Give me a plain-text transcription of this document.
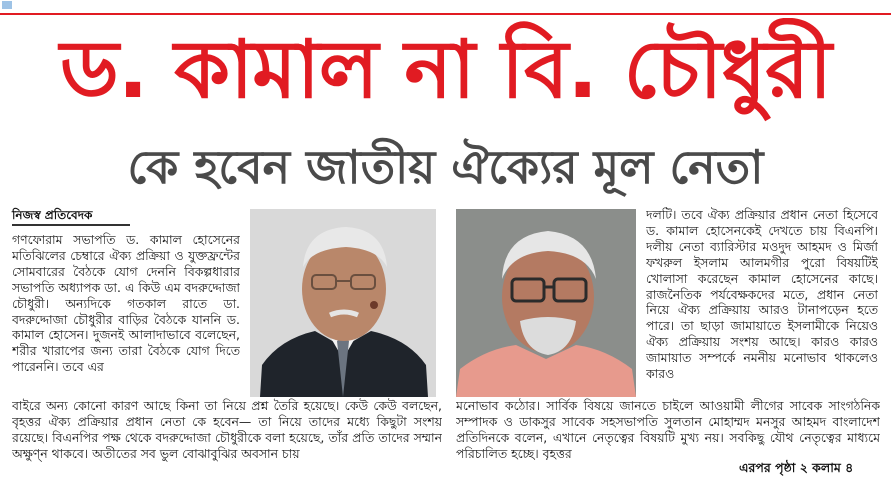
ড. কামাল না বি. চৌধুরী
কে হবেন জাতীয় ঐক্যের মূল নেতা
নিজস্ব প্রতিবেদক

গণফোরাম সভাপতি ড. কামাল হোসেনের মতিঝিলের চেম্বারে ঐক্য প্রক্রিয়া ও যুক্তফ্রন্টের সোমবারের বৈঠকে যোগ দেননি বিকল্পধারার সভাপতি অধ্যাপক ডা. এ কিউ এম বদরুদ্দোজা চৌধুরী। অন্যদিকে গতকাল রাতে ডা. বদরুদ্দোজা চৌধুরীর বাড়ির বৈঠকে যাননি ড. কামাল হোসেন। দুজনই আলাদাভাবে বলেছেন, শরীর খারাপের জন্য তারা বৈঠকে যোগ দিতে পারেননি। তবে এর

দলটি। তবে ঐক্য প্রক্রিয়ার প্রধান নেতা হিসেবে ড. কামাল হোসেনকেই দেখতে চায় বিএনপি। দলীয় নেতা ব্যারিস্টার মওদুদ আহমদ ও মির্জা ফখরুল ইসলাম আলমগীর পুরো বিষয়টিই খোলাসা করেছেন কামাল হোসেনের কাছে। রাজনৈতিক পর্যবেক্ষকদের মতে, প্রধান নেতা নিয়ে ঐক্য প্রক্রিয়ায় আরও টানাপড়েন হতে পারে। তা ছাড়া জামায়াতে ইসলামীকে নিয়েও ঐক্য প্রক্রিয়ায় সংশয় আছে। কারও কারও জামায়াত সম্পর্কে নমনীয় মনোভাব থাকলেও কারও

বাইরে অন্য কোনো কারণ আছে কিনা তা নিয়ে প্রশ্ন তৈরি হয়েছে। কেউ কেউ বলছেন, বৃহত্তর ঐক্য প্রক্রিয়ার প্রধান নেতা কে হবেন— তা নিয়ে তাদের মধ্যে কিছুটা সংশয় রয়েছে। বিএনপির পক্ষ থেকে বদরুদ্দোজা চৌধুরীকে বলা হয়েছে, তাঁর প্রতি তাদের সম্মান অক্ষুণ্ন থাকবে। অতীতের সব ভুল বোঝাবুঝির অবসান চায়

মনোভাব কঠোর। সার্বিক বিষয়ে জানতে চাইলে আওয়ামী লীগের সাবেক সাংগঠনিক সম্পাদক ও ডাকসুর সাবেক সহসভাপতি সুলতান মোহাম্মদ মনসুর আহমদ বাংলাদেশ প্রতিদিনকে বলেন, এখানে নেতৃত্বের বিষয়টি মুখ্য নয়। সবকিছু যৌথ নেতৃত্বের মাধ্যমে পরিচালিত হচ্ছে। বৃহত্তর

এরপর পৃষ্ঠা ২ কলাম ৪
